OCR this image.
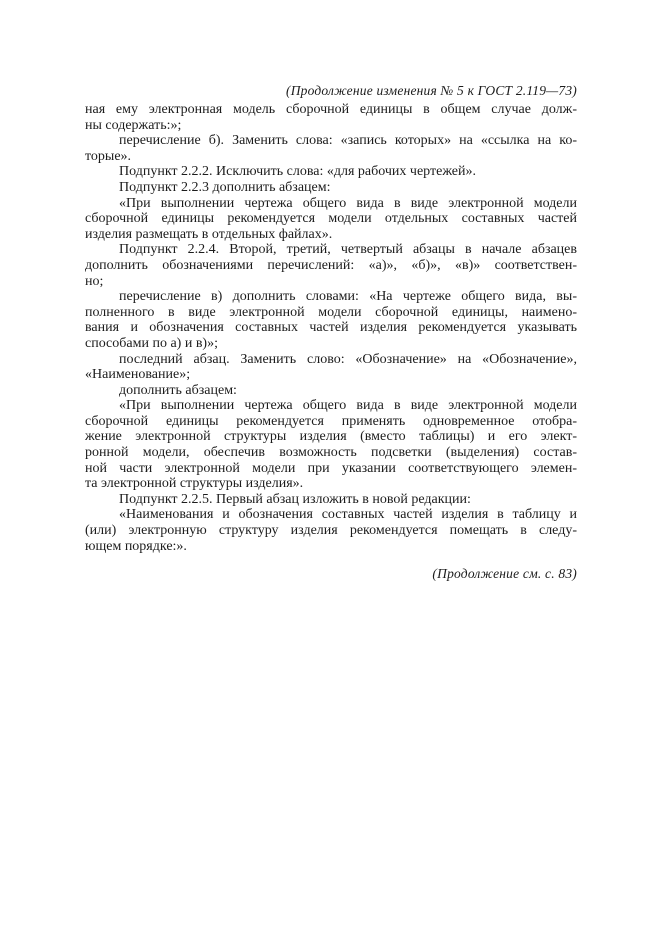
(Продолжение изменения № 5 к ГОСТ 2.119—73)
ная ему электронная модель сборочной единицы в общем случае долж-
ны содержать:»;
перечисление б). Заменить слова: «запись которых» на «ссылка на ко-
торые».
Подпункт 2.2.2. Исключить слова: «для рабочих чертежей».
Подпункт 2.2.3 дополнить абзацем:
«При выполнении чертежа общего вида в виде электронной модели
сборочной единицы рекомендуется модели отдельных составных частей
изделия размещать в отдельных файлах».
Подпункт 2.2.4. Второй, третий, четвертый абзацы в начале абзацев
дополнить обозначениями перечислений: «а)», «б)», «в)» соответствен-
но;
перечисление в) дополнить словами: «На чертеже общего вида, вы-
полненного в виде электронной модели сборочной единицы, наимено-
вания и обозначения составных частей изделия рекомендуется указывать
способами по а) и в)»;
последний абзац. Заменить слово: «Обозначение» на «Обозначение»,
«Наименование»;
дополнить абзацем:
«При выполнении чертежа общего вида в виде электронной модели
сборочной единицы рекомендуется применять одновременное отобра-
жение электронной структуры изделия (вместо таблицы) и его элект-
ронной модели, обеспечив возможность подсветки (выделения) состав-
ной части электронной модели при указании соответствующего элемен-
та электронной структуры изделия».
Подпункт 2.2.5. Первый абзац изложить в новой редакции:
«Наименования и обозначения составных частей изделия в таблицу и
(или) электронную структуру изделия рекомендуется помещать в следу-
ющем порядке:».
(Продолжение см. с. 83)
